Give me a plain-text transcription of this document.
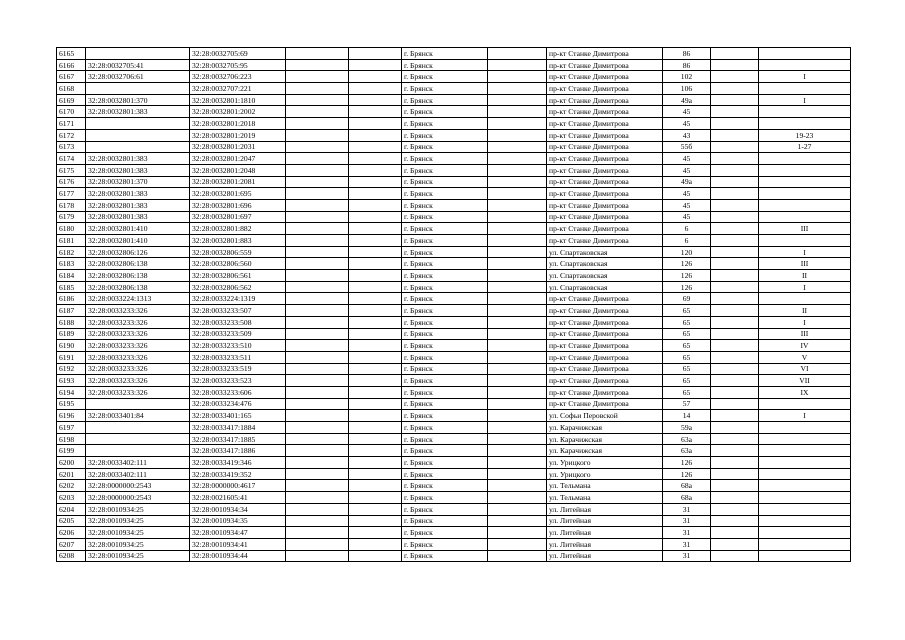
6165		32:28:0032705:69			г. Брянск		пр-кт Станке Димитрова	86		
6166	32:28:0032705:41	32:28:0032705:95			г. Брянск		пр-кт Станке Димитрова	86		
6167	32:28:0032706:61	32:28:0032706:223			г. Брянск		пр-кт Станке Димитрова	102		I
6168		32:28:0032707:221			г. Брянск		пр-кт Станке Димитрова	106		
6169	32:28:0032801:370	32:28:0032801:1810			г. Брянск		пр-кт Станке Димитрова	49а		I
6170	32:28:0032801:383	32:28:0032801:2002			г. Брянск		пр-кт Станке Димитрова	45		
6171		32:28:0032801:2018			г. Брянск		пр-кт Станке Димитрова	45		
6172		32:28:0032801:2019			г. Брянск		пр-кт Станке Димитрова	43		19-23
6173		32:28:0032801:2031			г. Брянск		пр-кт Станке Димитрова	55б		1-27
6174	32:28:0032801:383	32:28:0032801:2047			г. Брянск		пр-кт Станке Димитрова	45		
6175	32:28:0032801:383	32:28:0032801:2048			г. Брянск		пр-кт Станке Димитрова	45		
6176	32:28:0032801:370	32:28:0032801:2081			г. Брянск		пр-кт Станке Димитрова	49а		
6177	32:28:0032801:383	32:28:0032801:695			г. Брянск		пр-кт Станке Димитрова	45		
6178	32:28:0032801:383	32:28:0032801:696			г. Брянск		пр-кт Станке Димитрова	45		
6179	32:28:0032801:383	32:28:0032801:697			г. Брянск		пр-кт Станке Димитрова	45		
6180	32:28:0032801:410	32:28:0032801:882			г. Брянск		пр-кт Станке Димитрова	6		III
6181	32:28:0032801:410	32:28:0032801:883			г. Брянск		пр-кт Станке Димитрова	6		
6182	32:28:0032806:126	32:28:0032806:559			г. Брянск		ул. Спартаковская	120		I
6183	32:28:0032806:138	32:28:0032806:560			г. Брянск		ул. Спартаковская	126		III
6184	32:28:0032806:138	32:28:0032806:561			г. Брянск		ул. Спартаковская	126		II
6185	32:28:0032806:138	32:28:0032806:562			г. Брянск		ул. Спартаковская	126		I
6186	32:28:0033224:1313	32:28:0033224:1319			г. Брянск		пр-кт Станке Димитрова	69		
6187	32:28:0033233:326	32:28:0033233:507			г. Брянск		пр-кт Станке Димитрова	65		II
6188	32:28:0033233:326	32:28:0033233:508			г. Брянск		пр-кт Станке Димитрова	65		I
6189	32:28:0033233:326	32:28:0033233:509			г. Брянск		пр-кт Станке Димитрова	65		III
6190	32:28:0033233:326	32:28:0033233:510			г. Брянск		пр-кт Станке Димитрова	65		IV
6191	32:28:0033233:326	32:28:0033233:511			г. Брянск		пр-кт Станке Димитрова	65		V
6192	32:28:0033233:326	32:28:0033233:519			г. Брянск		пр-кт Станке Димитрова	65		VI
6193	32:28:0033233:326	32:28:0033233:523			г. Брянск		пр-кт Станке Димитрова	65		VII
6194	32:28:0033233:326	32:28:0033233:606			г. Брянск		пр-кт Станке Димитрова	65		IX
6195		32:28:0033234:476			г. Брянск		пр-кт Станке Димитрова	57		
6196	32:28:0033401:84	32:28:0033401:165			г. Брянск		ул. Софьи Перовской	14		I
6197		32:28:0033417:1884			г. Брянск		ул. Карачижская	59а		
6198		32:28:0033417:1885			г. Брянск		ул. Карачижская	63а		
6199		32:28:0033417:1886			г. Брянск		ул. Карачижская	63а		
6200	32:28:0033402:111	32:28:0033419:346			г. Брянск		ул. Урицкого	126		
6201	32:28:0033402:111	32:28:0033419:352			г. Брянск		ул. Урицкого	126		
6202	32:28:0000000:2543	32:28:0000000:4617			г. Брянск		ул. Тельмана	68а		
6203	32:28:0000000:2543	32:28:0021605:41			г. Брянск		ул. Тельмана	68а		
6204	32:28:0010934:25	32:28:0010934:34			г. Брянск		ул. Литейная	31		
6205	32:28:0010934:25	32:28:0010934:35			г. Брянск		ул. Литейная	31		
6206	32:28:0010934:25	32:28:0010934:47			г. Брянск		ул. Литейная	31		
6207	32:28:0010934:25	32:28:0010934:41			г. Брянск		ул. Литейная	31		
6208	32:28:0010934:25	32:28:0010934:44			г. Брянск		ул. Литейная	31		
